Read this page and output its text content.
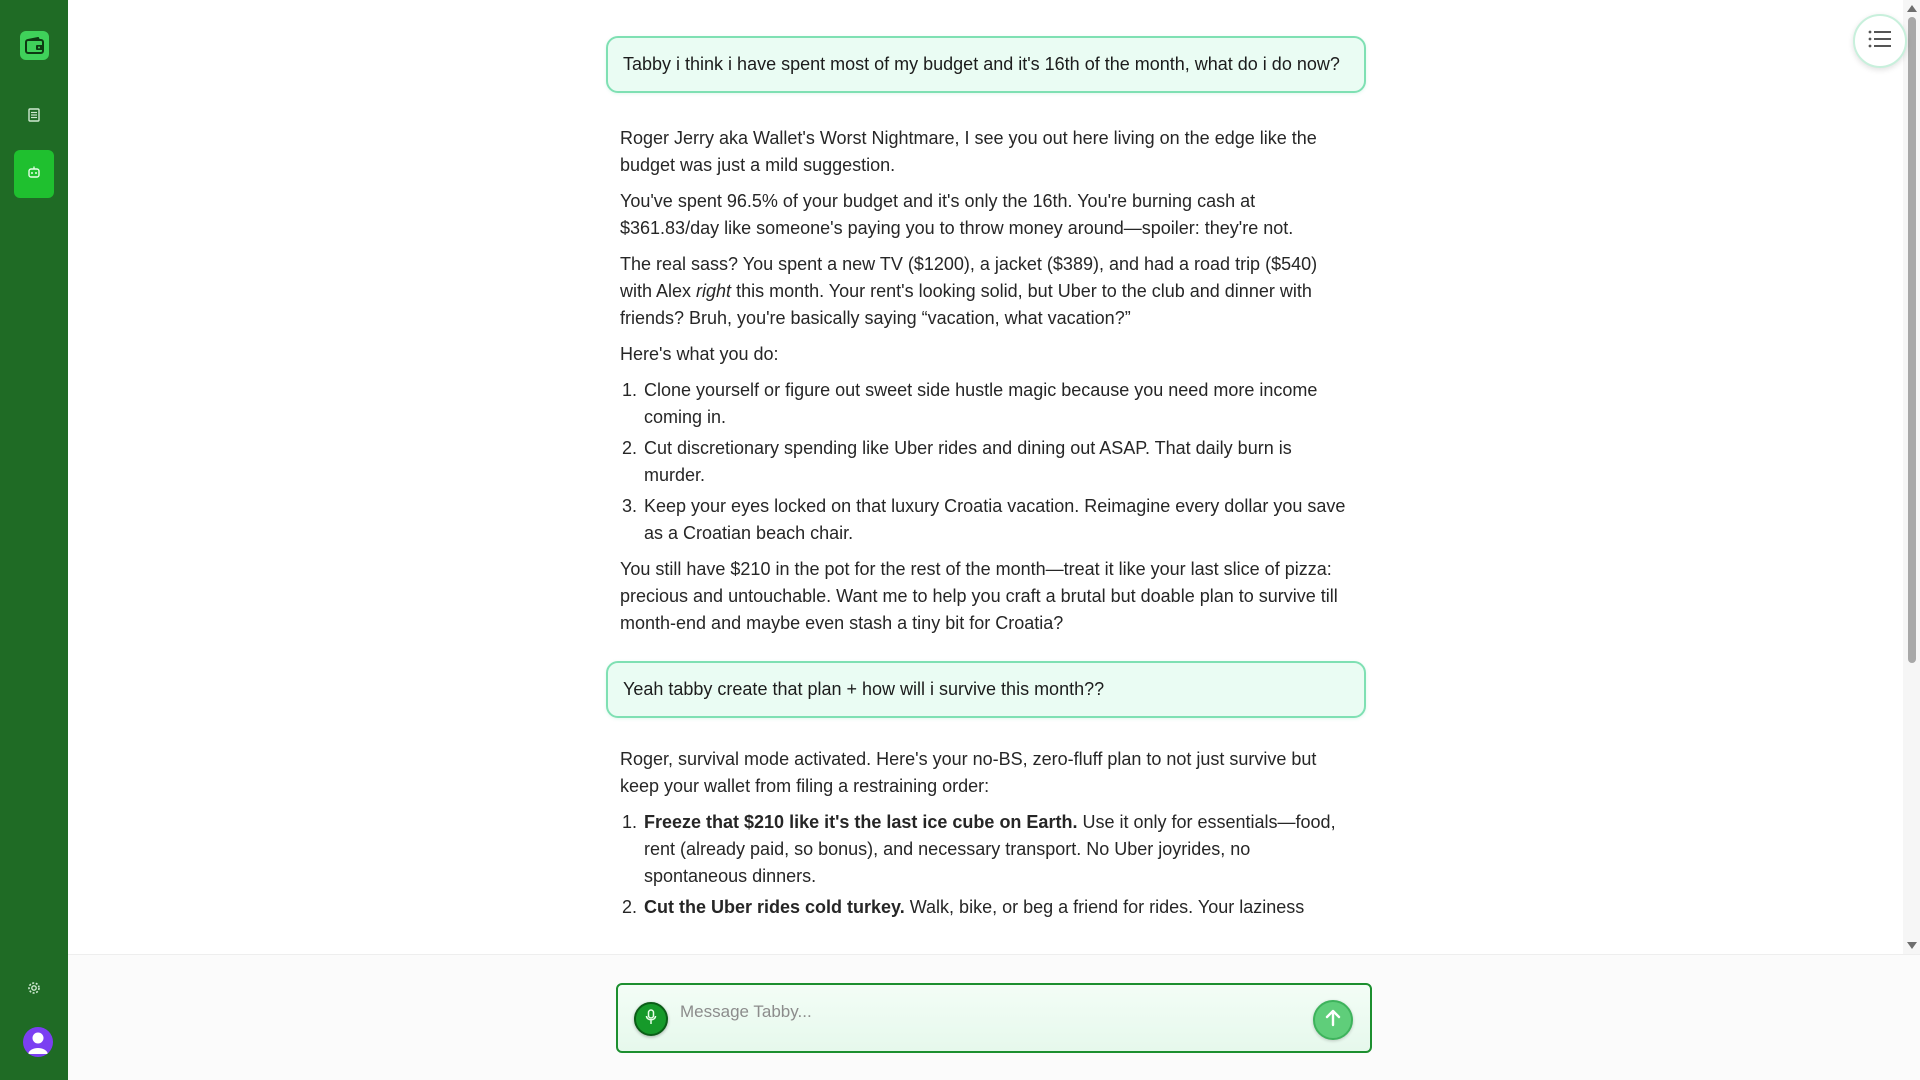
Tabby i think i have spent most of my budget and it's 16th of the month, what do i do now?

Roger Jerry aka Wallet's Worst Nightmare, I see you out here living on the edge like the budget was just a mild suggestion.

You've spent 96.5% of your budget and it's only the 16th. You're burning cash at $361.83/day like someone's paying you to throw money around—spoiler: they're not.

The real sass? You spent a new TV ($1200), a jacket ($389), and had a road trip ($540) with Alex right this month. Your rent's looking solid, but Uber to the club and dinner with friends? Bruh, you're basically saying “vacation, what vacation?”

Here's what you do:

1. Clone yourself or figure out sweet side hustle magic because you need more income coming in.
2. Cut discretionary spending like Uber rides and dining out ASAP. That daily burn is murder.
3. Keep your eyes locked on that luxury Croatia vacation. Reimagine every dollar you save as a Croatian beach chair.

You still have $210 in the pot for the rest of the month—treat it like your last slice of pizza: precious and untouchable. Want me to help you craft a brutal but doable plan to survive till month-end and maybe even stash a tiny bit for Croatia?

Yeah tabby create that plan + how will i survive this month??

Roger, survival mode activated. Here's your no-BS, zero-fluff plan to not just survive but keep your wallet from filing a restraining order:

1. Freeze that $210 like it's the last ice cube on Earth. Use it only for essentials—food, rent (already paid, so bonus), and necessary transport. No Uber joyrides, no spontaneous dinners.
2. Cut the Uber rides cold turkey. Walk, bike, or beg a friend for rides. Your laziness
Message Tabby...
